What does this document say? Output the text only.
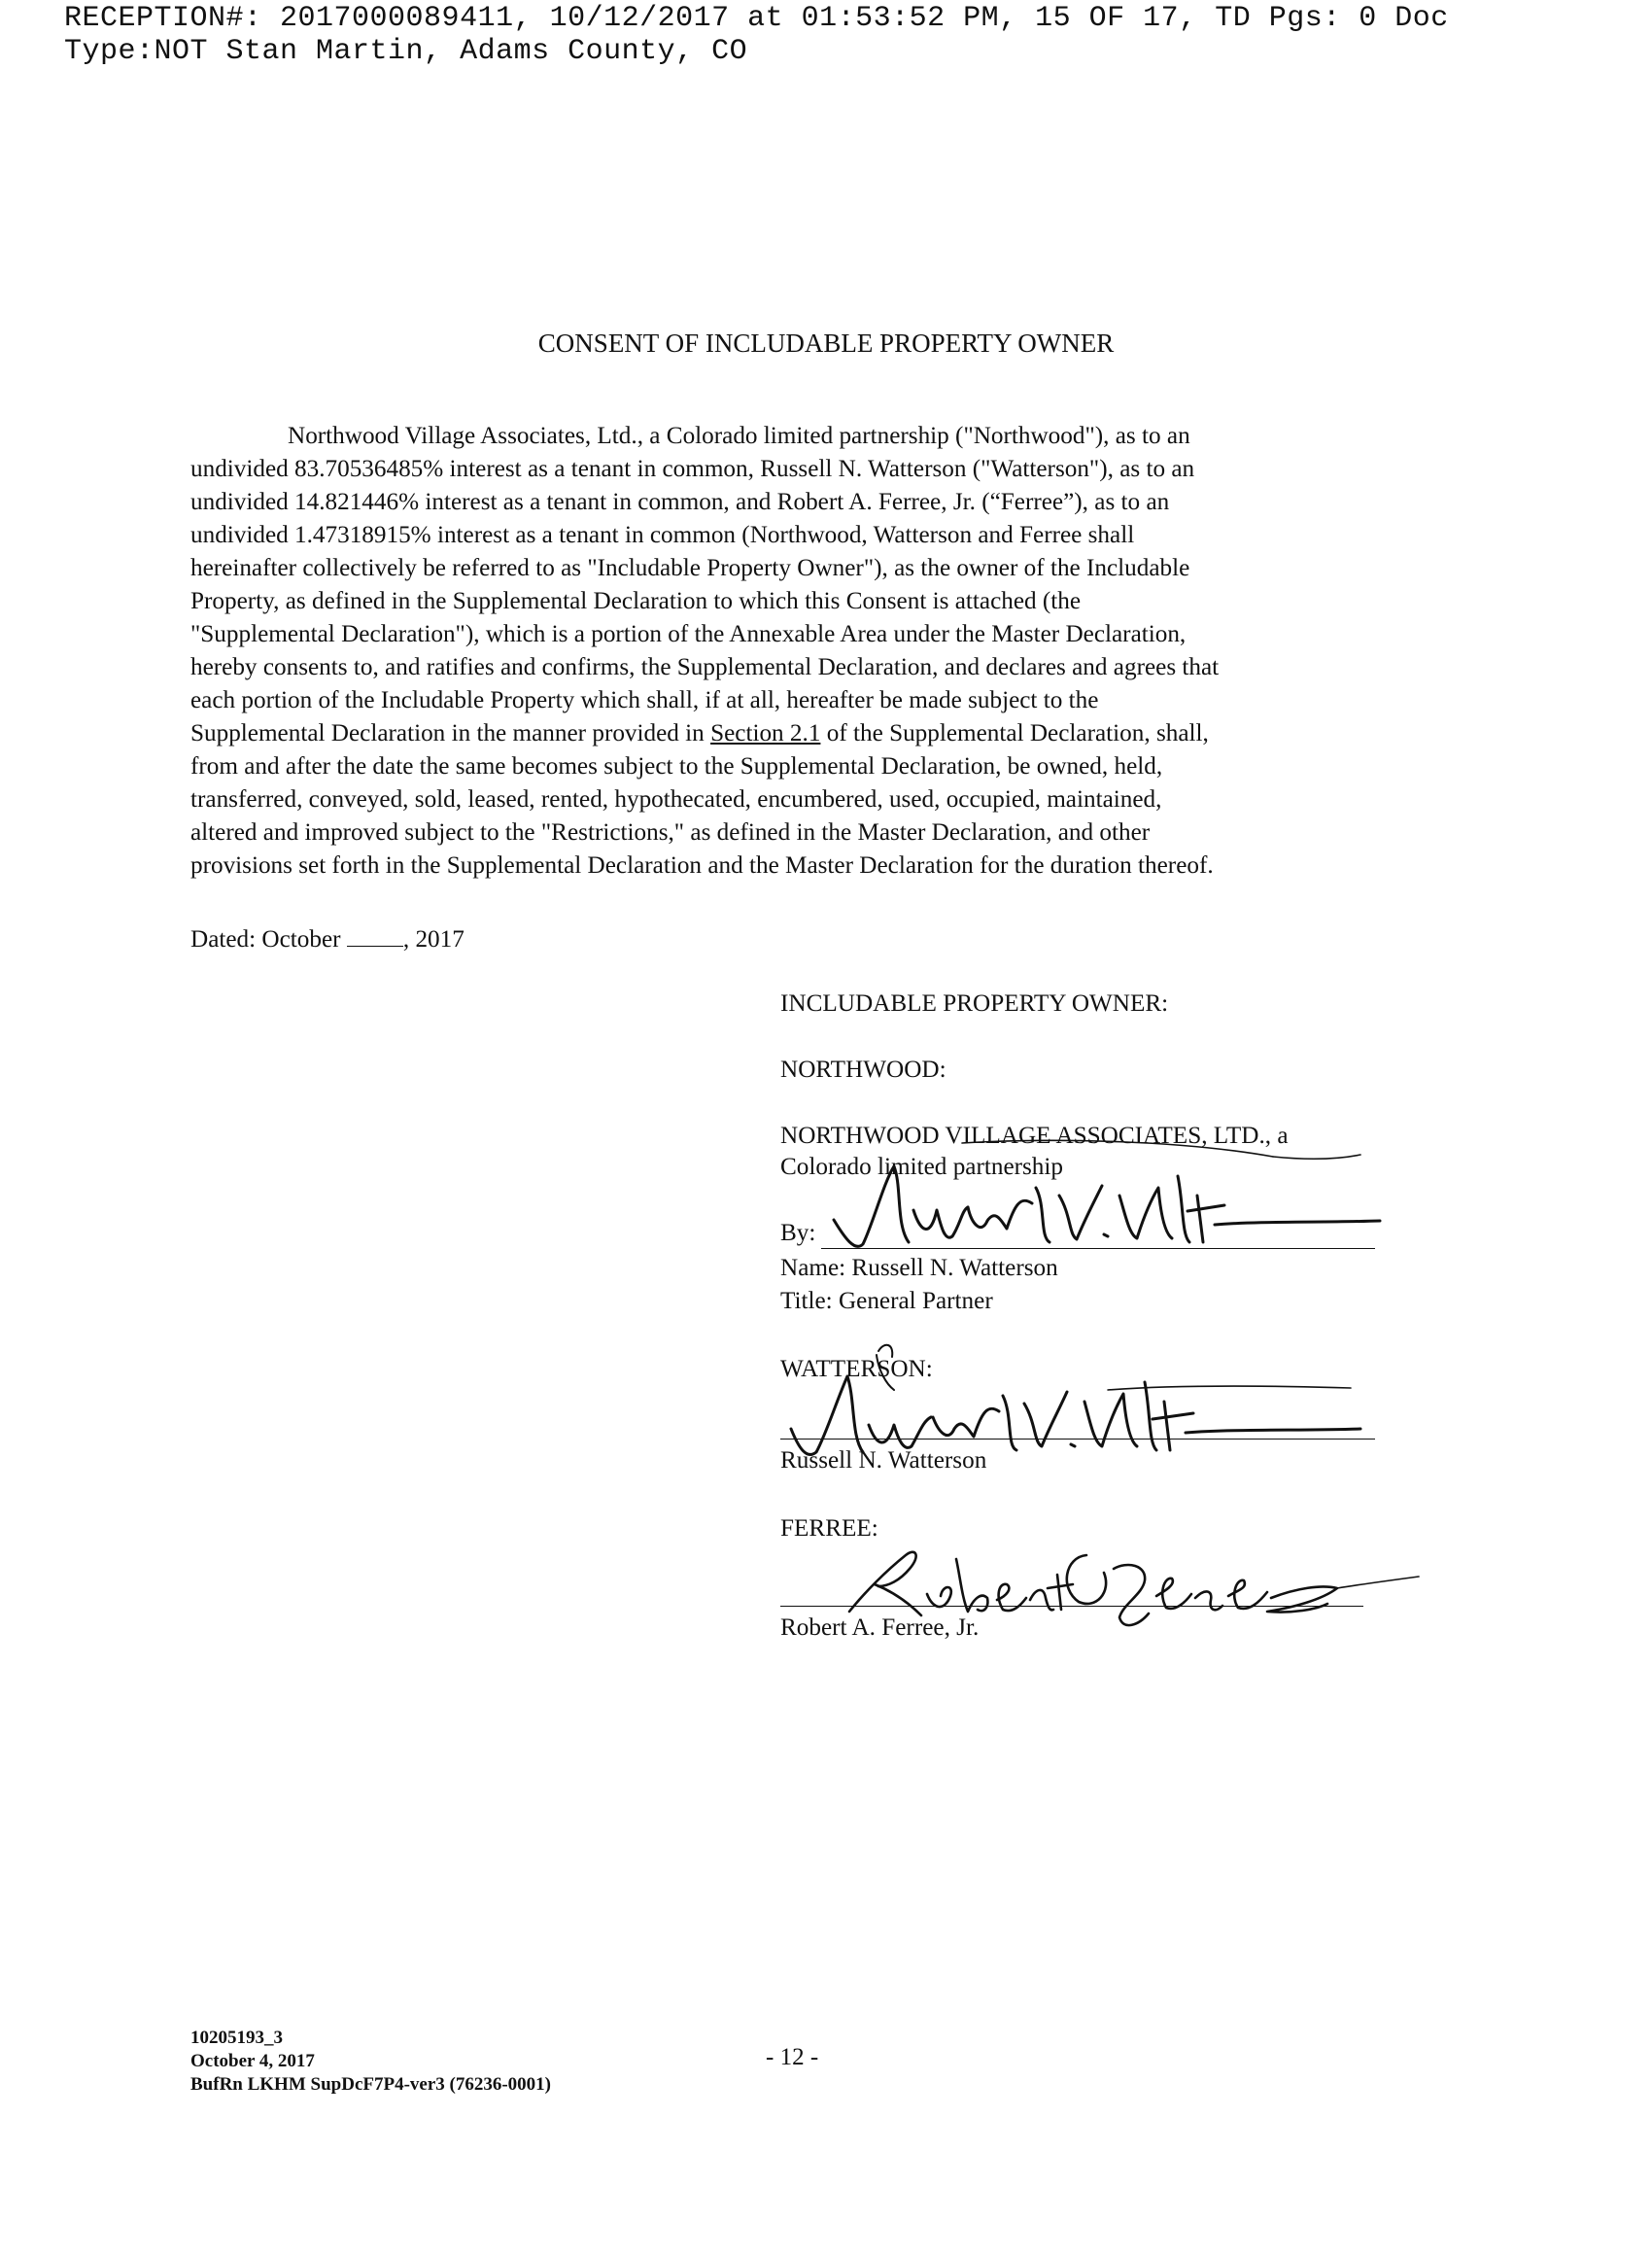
RECEPTION#: 2017000089411, 10/12/2017 at 01:53:52 PM, 15 OF 17, TD Pgs: 0 Doc
Type:NOT Stan Martin, Adams County, CO
CONSENT OF INCLUDABLE PROPERTY OWNER
Northwood Village Associates, Ltd., a Colorado limited partnership ("Northwood"), as to an
undivided 83.70536485% interest as a tenant in common, Russell N. Watterson ("Watterson"), as to an
undivided 14.821446% interest as a tenant in common, and Robert A. Ferree, Jr. (“Ferree”), as to an
undivided 1.47318915% interest as a tenant in common (Northwood, Watterson and Ferree shall
hereinafter collectively be referred to as "Includable Property Owner"), as the owner of the Includable
Property, as defined in the Supplemental Declaration to which this Consent is attached (the
"Supplemental Declaration"), which is a portion of the Annexable Area under the Master Declaration,
hereby consents to, and ratifies and confirms, the Supplemental Declaration, and declares and agrees that
each portion of the Includable Property which shall, if at all, hereafter be made subject to the
Supplemental Declaration in the manner provided in Section 2.1 of the Supplemental Declaration, shall,
from and after the date the same becomes subject to the Supplemental Declaration, be owned, held,
transferred, conveyed, sold, leased, rented, hypothecated, encumbered, used, occupied, maintained,
altered and improved subject to the "Restrictions," as defined in the Master Declaration, and other
provisions set forth in the Supplemental Declaration and the Master Declaration for the duration thereof.
Dated: October , 2017
INCLUDABLE PROPERTY OWNER:
NORTHWOOD:
NORTHWOOD VILLAGE ASSOCIATES, LTD., a
Colorado limited partnership
By:
Name: Russell N. Watterson
Title: General Partner
WATTERSON:
Russell N. Watterson
FERREE:
Robert A. Ferree, Jr.
10205193_3
October 4, 2017
BufRn LKHM SupDcF7P4-ver3 (76236-0001)
- 12 -
